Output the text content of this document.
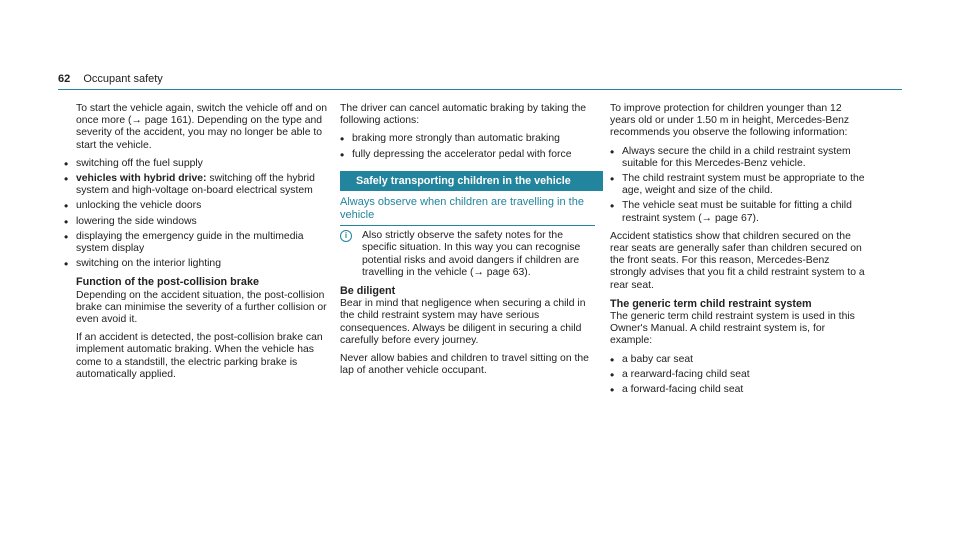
62 Occupant safety

To start the vehicle again, switch the vehicle off and on once more (→ page 161). Depending on the type and severity of the accident, you may no longer be able to start the vehicle.

• switching off the fuel supply
• vehicles with hybrid drive: switching off the hybrid system and high-voltage on-board electrical system
• unlocking the vehicle doors
• lowering the side windows
• displaying the emergency guide in the multimedia system display
• switching on the interior lighting
Function of the post-collision brake

Depending on the accident situation, the post-collision brake can minimise the severity of a further collision or even avoid it.

If an accident is detected, the post-collision brake can implement automatic braking. When the vehicle has come to a standstill, the electric parking brake is automatically applied.

The driver can cancel automatic braking by taking the following actions:

• braking more strongly than automatic braking
• fully depressing the accelerator pedal with force
Safely transporting children in the vehicle
Always observe when children are travelling in the vehicle
i	Also strictly observe the safety notes for the specific situation. In this way you can recognise potential risks and avoid dangers if children are travelling in the vehicle (→ page 63).
Be diligent

Bear in mind that negligence when securing a child in the child restraint system may have serious consequences. Always be diligent in securing a child carefully before every journey.

Never allow babies and children to travel sitting on the lap of another vehicle occupant.

To improve protection for children younger than 12 years old or under 1.50 m in height, Mercedes-Benz recommends you observe the following information:

• Always secure the child in a child restraint system suitable for this Mercedes-Benz vehicle.
• The child restraint system must be appropriate to the age, weight and size of the child.
• The vehicle seat must be suitable for fitting a child restraint system (→ page 67).

Accident statistics show that children secured on the rear seats are generally safer than children secured on the front seats. For this reason, Mercedes-Benz strongly advises that you fit a child restraint system to a rear seat.

The generic term child restraint system

The generic term child restraint system is used in this Owner's Manual. A child restraint system is, for example:

• a baby car seat
• a rearward-facing child seat
• a forward-facing child seat
